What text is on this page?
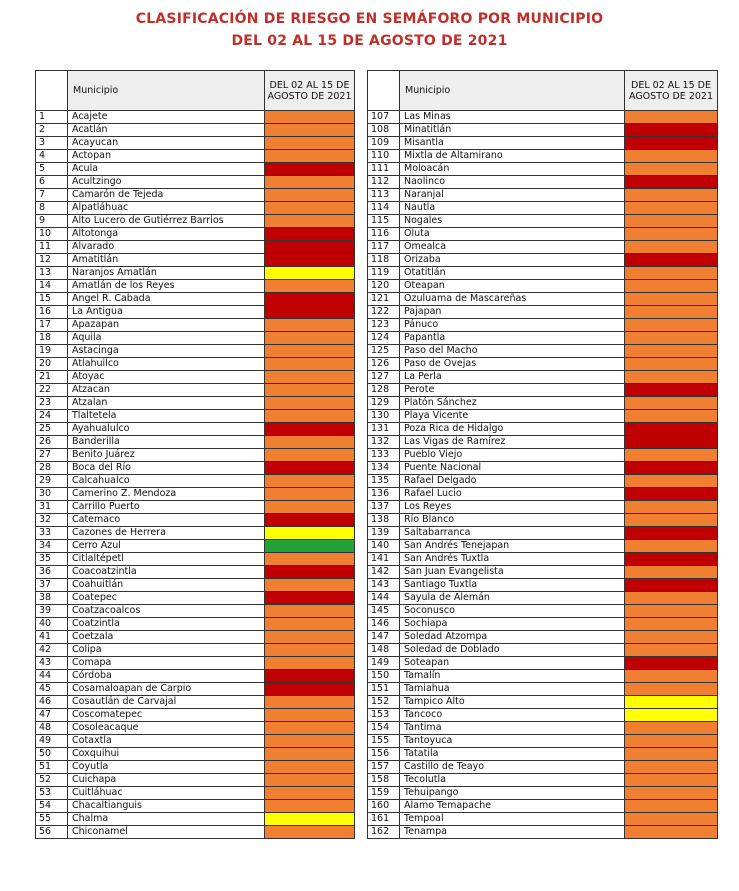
CLASIFICACIÓN DE RIESGO EN SEMÁFORO POR MUNICIPIO
DEL 02 AL 15 DE AGOSTO DE 2021
	Municipio	DEL 02 AL 15 DE AGOSTO DE 2021
1	Acajete	
2	Acatlán	
3	Acayucan	
4	Actopan	
5	Acula	
6	Acultzingo	
7	Camarón de Tejeda	
8	Alpatláhuac	
9	Alto Lucero de Gutiérrez Barrios	
10	Altotonga	
11	Alvarado	
12	Amatitlán	
13	Naranjos Amatlán	
14	Amatlán de los Reyes	
15	Angel R. Cabada	
16	La Antigua	
17	Apazapan	
18	Aquila	
19	Astacinga	
20	Atlahuilco	
21	Atoyac	
22	Atzacan	
23	Atzalan	
24	Tlaltetela	
25	Ayahualulco	
26	Banderilla	
27	Benito Juárez	
28	Boca del Río	
29	Calcahualco	
30	Camerino Z. Mendoza	
31	Carrillo Puerto	
32	Catemaco	
33	Cazones de Herrera	
34	Cerro Azul	
35	Citlaltépetl	
36	Coacoatzintla	
37	Coahuitlán	
38	Coatepec	
39	Coatzacoalcos	
40	Coatzintla	
41	Coetzala	
42	Colipa	
43	Comapa	
44	Córdoba	
45	Cosamaloapan de Carpio	
46	Cosautlán de Carvajal	
47	Coscomatepec	
48	Cosoleacaque	
49	Cotaxtla	
50	Coxquihui	
51	Coyutla	
52	Cuichapa	
53	Cuitláhuac	
54	Chacaltianguis	
55	Chalma	
56	Chiconamel	
	Municipio	DEL 02 AL 15 DE AGOSTO DE 2021
107	Las Minas	
108	Minatitlán	
109	Misantla	
110	Mixtla de Altamirano	
111	Moloacán	
112	Naolinco	
113	Naranjal	
114	Nautla	
115	Nogales	
116	Oluta	
117	Omealca	
118	Orizaba	
119	Otatitlán	
120	Oteapan	
121	Ozuluama de Mascareñas	
122	Pajapan	
123	Pánuco	
124	Papantla	
125	Paso del Macho	
126	Paso de Ovejas	
127	La Perla	
128	Perote	
129	Platón Sánchez	
130	Playa Vicente	
131	Poza Rica de Hidalgo	
132	Las Vigas de Ramírez	
133	Pueblo Viejo	
134	Puente Nacional	
135	Rafael Delgado	
136	Rafael Lucio	
137	Los Reyes	
138	Río Blanco	
139	Saltabarranca	
140	San Andrés Tenejapan	
141	San Andrés Tuxtla	
142	San Juan Evangelista	
143	Santiago Tuxtla	
144	Sayula de Alemán	
145	Soconusco	
146	Sochiapa	
147	Soledad Atzompa	
148	Soledad de Doblado	
149	Soteapan	
150	Tamalín	
151	Tamiahua	
152	Tampico Alto	
153	Tancoco	
154	Tantima	
155	Tantoyuca	
156	Tatatila	
157	Castillo de Teayo	
158	Tecolutla	
159	Tehuipango	
160	Álamo Temapache	
161	Tempoal	
162	Tenampa	
